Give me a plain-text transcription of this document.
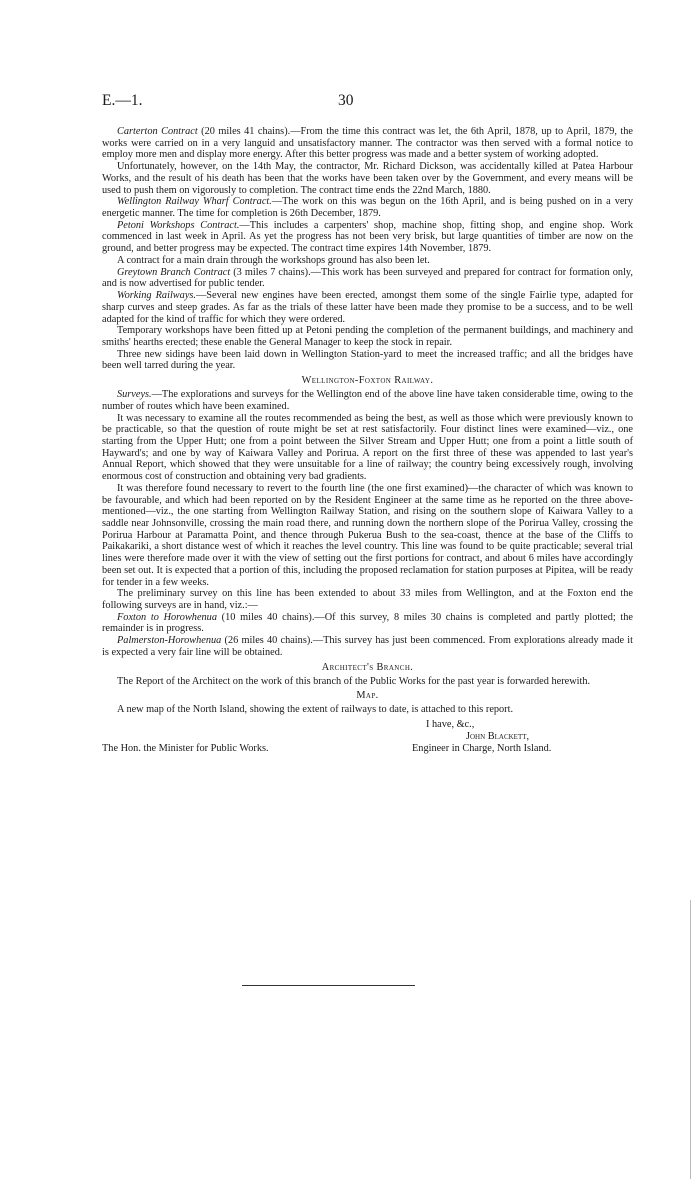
E.—1.	30

Carterton Contract (20 miles 41 chains).—From the time this contract was let, the 6th April, 1878, up to April, 1879, the works were carried on in a very languid and unsatisfactory manner. The contractor was then served with a formal notice to employ more men and display more energy. After this better progress was made and a better system of working adopted.

Unfortunately, however, on the 14th May, the contractor, Mr. Richard Dickson, was accidentally killed at Patea Harbour Works, and the result of his death has been that the works have been taken over by the Government, and every means will be used to push them on vigorously to completion. The contract time ends the 22nd March, 1880.

Wellington Railway Wharf Contract.—The work on this was begun on the 16th April, and is being pushed on in a very energetic manner. The time for completion is 26th December, 1879.

Petoni Workshops Contract.—This includes a carpenters' shop, machine shop, fitting shop, and engine shop. Work commenced in last week in April. As yet the progress has not been very brisk, but large quantities of timber are now on the ground, and better progress may be expected. The contract time expires 14th November, 1879.

A contract for a main drain through the workshops ground has also been let.

Greytown Branch Contract (3 miles 7 chains).—This work has been surveyed and prepared for contract for formation only, and is now advertised for public tender.

Working Railways.—Several new engines have been erected, amongst them some of the single Fairlie type, adapted for sharp curves and steep grades. As far as the trials of these latter have been made they promise to be a success, and to be well adapted for the kind of traffic for which they were ordered.

Temporary workshops have been fitted up at Petoni pending the completion of the permanent buildings, and machinery and smiths' hearths erected; these enable the General Manager to keep the stock in repair.

Three new sidings have been laid down in Wellington Station-yard to meet the increased traffic; and all the bridges have been well tarred during the year.

Wellington-Foxton Railway.

Surveys.—The explorations and surveys for the Wellington end of the above line have taken considerable time, owing to the number of routes which have been examined.

It was necessary to examine all the routes recommended as being the best, as well as those which were previously known to be practicable, so that the question of route might be set at rest satisfactorily. Four distinct lines were examined—viz., one starting from the Upper Hutt; one from a point between the Silver Stream and Upper Hutt; one from a point a little south of Hayward's; and one by way of Kaiwara Valley and Porirua. A report on the first three of these was appended to last year's Annual Report, which showed that they were unsuitable for a line of railway; the country being excessively rough, involving enormous cost of construction and obtaining very bad gradients.

It was therefore found necessary to revert to the fourth line (the one first examined)—the character of which was known to be favourable, and which had been reported on by the Resident Engineer at the same time as he reported on the three above-mentioned—viz., the one starting from Wellington Railway Station, and rising on the southern slope of Kaiwara Valley to a saddle near Johnsonville, crossing the main road there, and running down the northern slope of the Porirua Valley, crossing the Porirua Harbour at Paramatta Point, and thence through Pukerua Bush to the sea-coast, thence at the base of the Cliffs to Paikakariki, a short distance west of which it reaches the level country. This line was found to be quite practicable; several trial lines were therefore made over it with the view of setting out the first portions for contract, and about 6 miles have accordingly been set out. It is expected that a portion of this, including the proposed reclamation for station purposes at Pipitea, will be ready for tender in a few weeks.

The preliminary survey on this line has been extended to about 33 miles from Wellington, and at the Foxton end the following surveys are in hand, viz.:—

Foxton to Horowhenua (10 miles 40 chains).—Of this survey, 8 miles 30 chains is completed and partly plotted; the remainder is in progress.

Palmerston-Horowhenua (26 miles 40 chains).—This survey has just been commenced. From explorations already made it is expected a very fair line will be obtained.

Architect's Branch.

The Report of the Architect on the work of this branch of the Public Works for the past year is forwarded herewith.

Map.

A new map of the North Island, showing the extent of railways to date, is attached to this report.

I have, &c.,
John Blackett,
Engineer in Charge, North Island.
The Hon. the Minister for Public Works.
